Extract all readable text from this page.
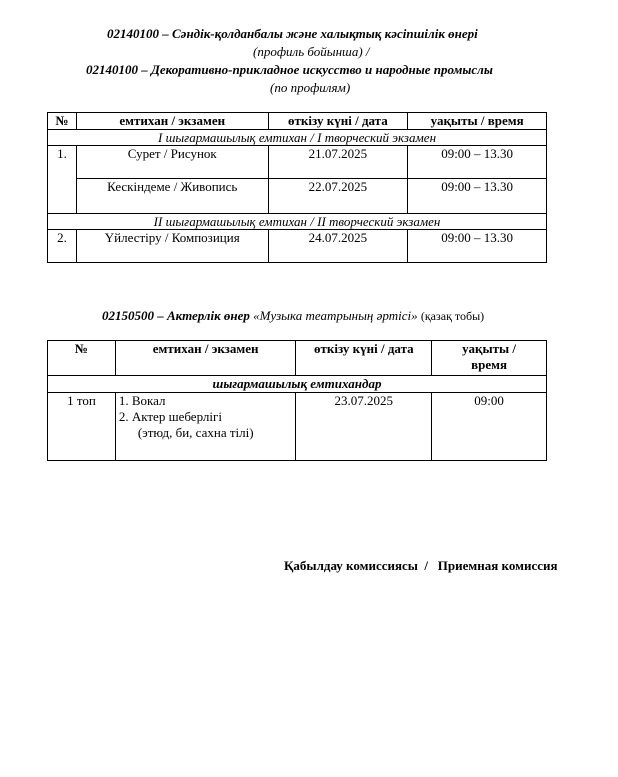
02140100 – Сәндік-қолданбалы және халықтық кәсіпшілік өнері
(профиль бойынша) /
02140100 – Декоративно-прикладное искусство и народные промыслы
(по профилям)
№	емтихан / экзамен	өткізу күні / дата	уақыты / время
I шығармашылық емтихан / I творческий экзамен			
1.	Сурет / Рисунок	21.07.2025	09:00 – 13.30
	Кескіндеме / Живопись	22.07.2025	09:00 – 13.30
II шығармашылық емтихан / II творческий экзамен			
2.	Үйлестіру / Композиция	24.07.2025	09:00 – 13.30
02150500 – Актерлік өнер «Музыка театрының әртісі» (қазақ тобы)
№	емтихан / экзамен	өткізу күні / дата	уақыты /
время

шығармашылық емтихандар			
1 топ	1. Вокал
2. Актер шеберлігі
(этюд, би, сахна тілі)	23.07.2025	09:00
Қабылдау комиссиясы  /   Приемная комиссия
